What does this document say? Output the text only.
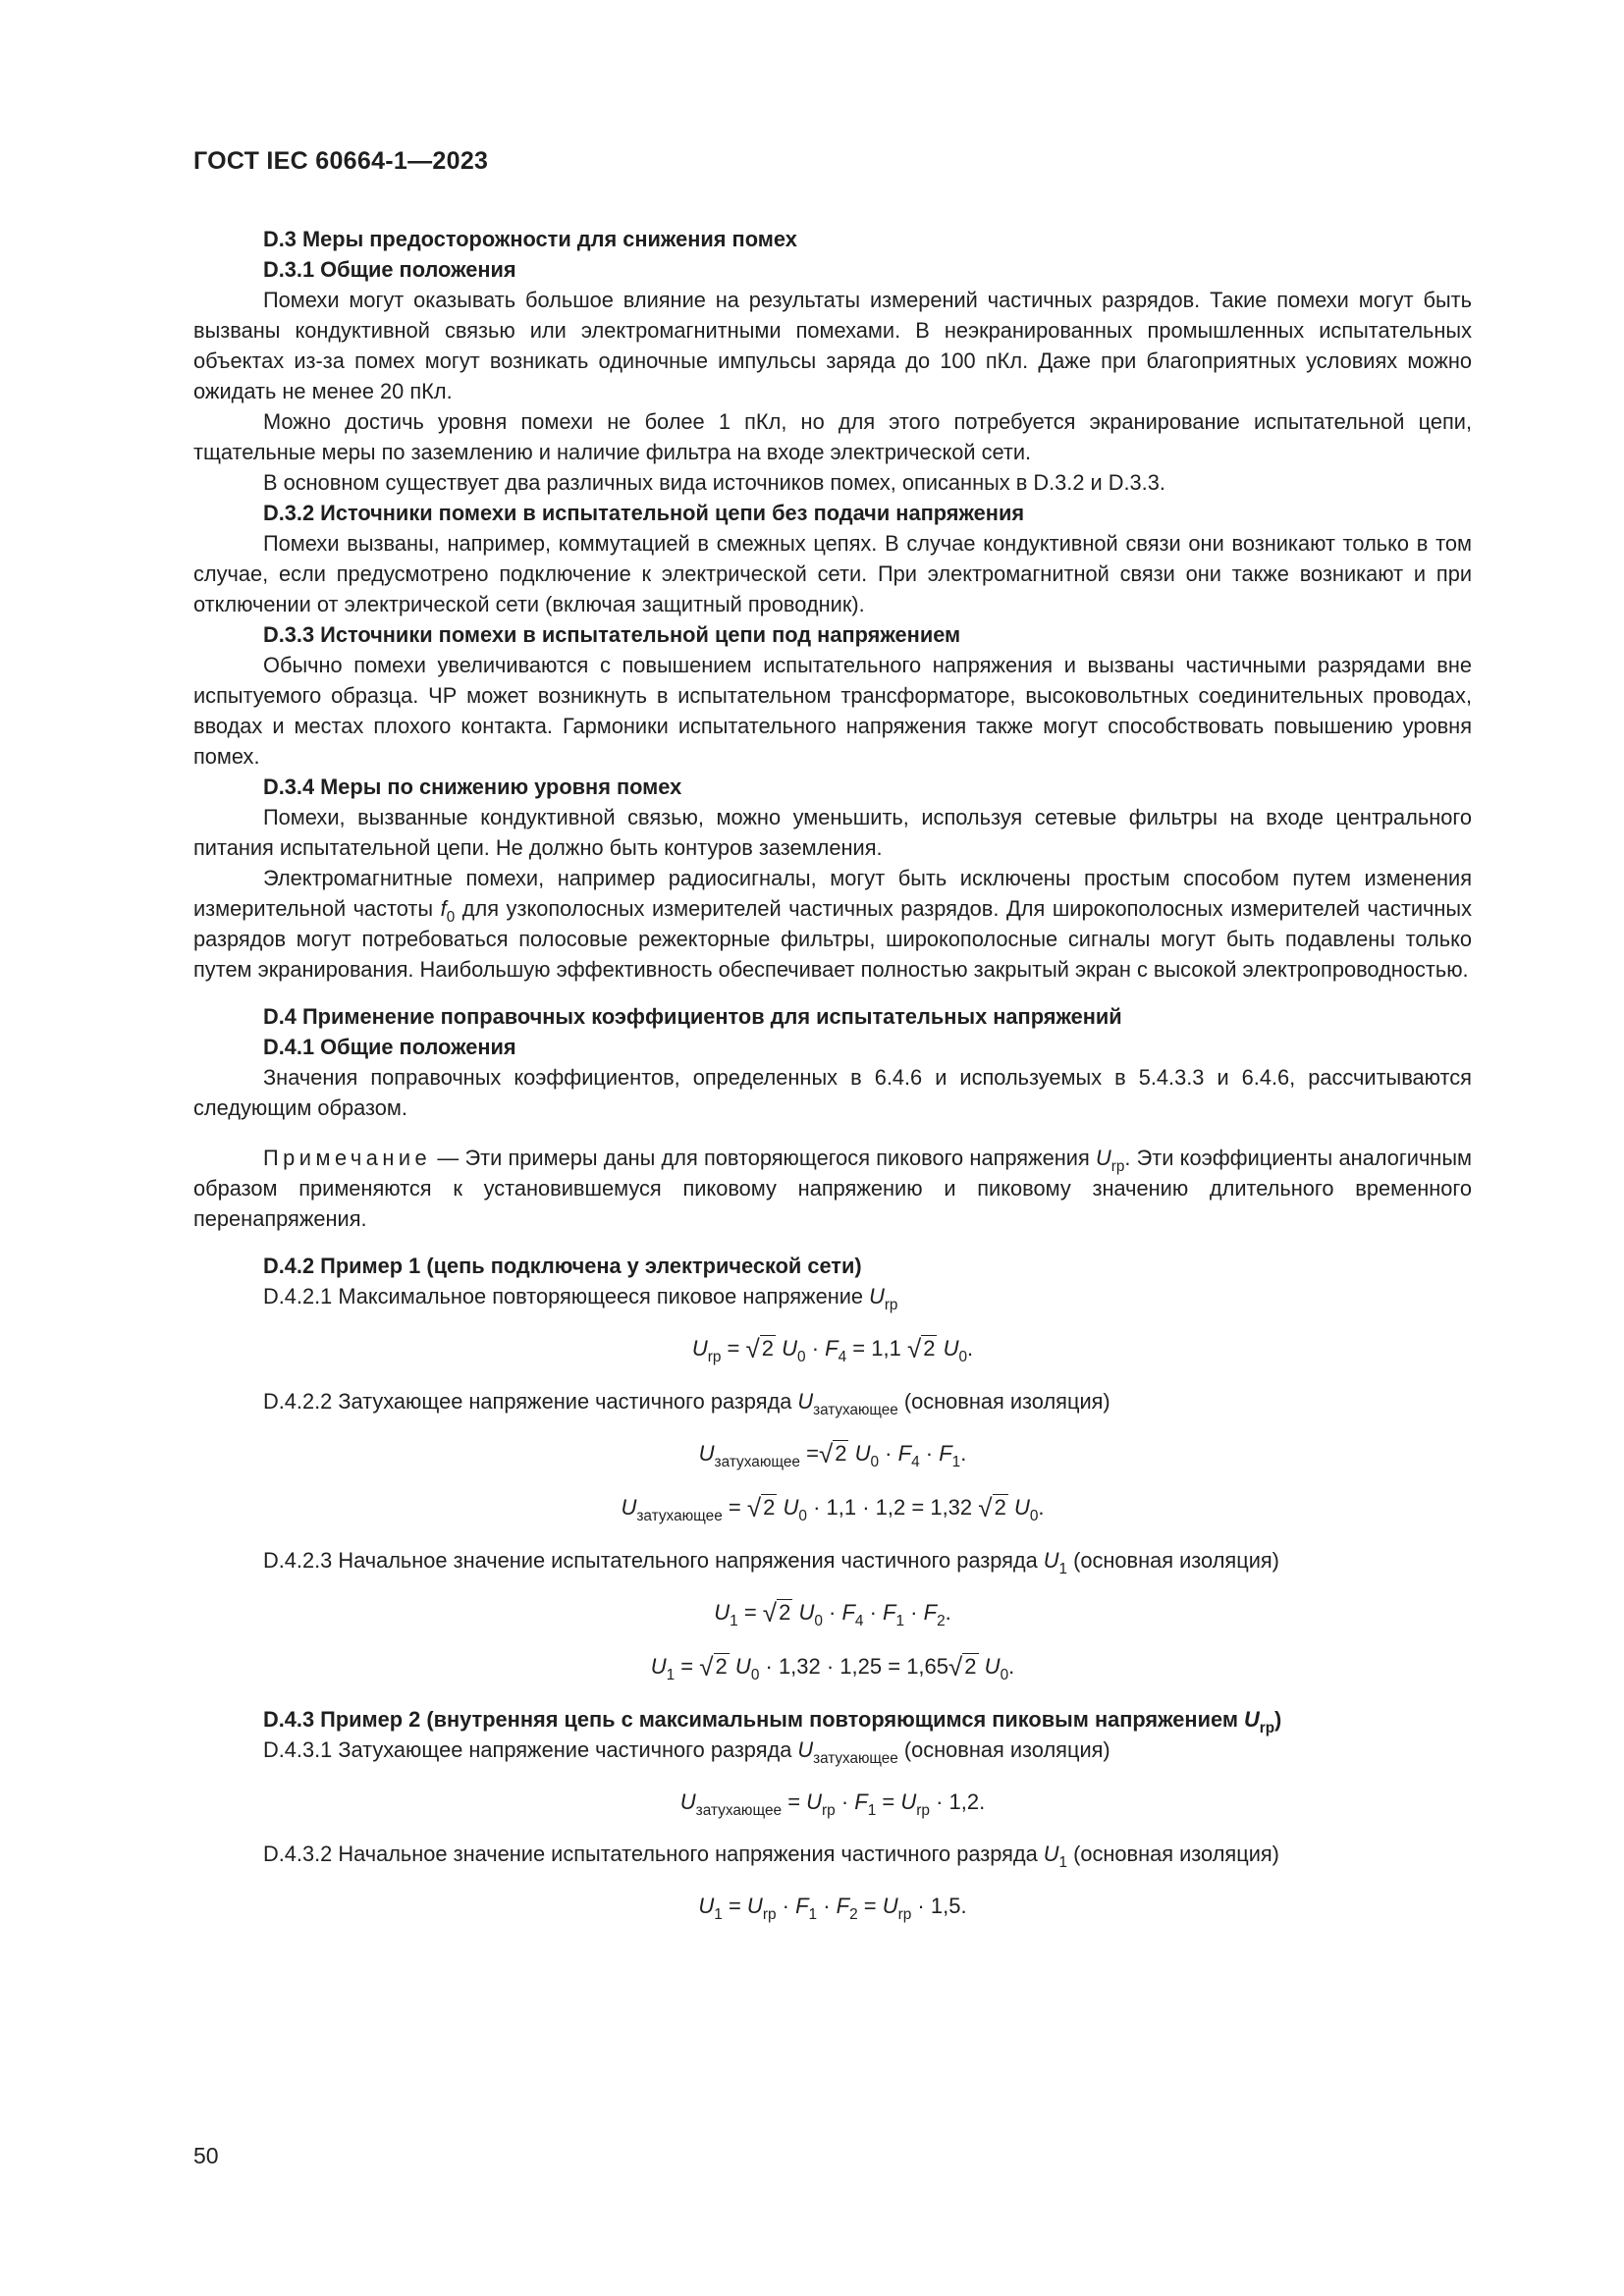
ГОСТ IEC 60664-1—2023

D.3 Меры предосторожности для снижения помех

D.3.1 Общие положения

Помехи могут оказывать большое влияние на результаты измерений частичных разрядов. Такие помехи могут быть вызваны кондуктивной связью или электромагнитными помехами. В неэкранированных промышленных испытательных объектах из-за помех могут возникать одиночные импульсы заряда до 100 пКл. Даже при благоприятных условиях можно ожидать не менее 20 пКл.

Можно достичь уровня помехи не более 1 пКл, но для этого потребуется экранирование испытательной цепи, тщательные меры по заземлению и наличие фильтра на входе электрической сети.

В основном существует два различных вида источников помех, описанных в D.3.2 и D.3.3.

D.3.2 Источники помехи в испытательной цепи без подачи напряжения

Помехи вызваны, например, коммутацией в смежных цепях. В случае кондуктивной связи они возникают только в том случае, если предусмотрено подключение к электрической сети. При электромагнитной связи они также возникают и при отключении от электрической сети (включая защитный проводник).

D.3.3 Источники помехи в испытательной цепи под напряжением

Обычно помехи увеличиваются с повышением испытательного напряжения и вызваны частичными разрядами вне испытуемого образца. ЧР может возникнуть в испытательном трансформаторе, высоковольтных соединительных проводах, вводах и местах плохого контакта. Гармоники испытательного напряжения также могут способствовать повышению уровня помех.

D.3.4 Меры по снижению уровня помех

Помехи, вызванные кондуктивной связью, можно уменьшить, используя сетевые фильтры на входе центрального питания испытательной цепи. Не должно быть контуров заземления.

Электромагнитные помехи, например радиосигналы, могут быть исключены простым способом путем изменения измерительной частоты $f_0$ для узкополосных измерителей частичных разрядов. Для широкополосных измерителей частичных разрядов могут потребоваться полосовые режекторные фильтры, широкополосные сигналы могут быть подавлены только путем экранирования. Наибольшую эффективность обеспечивает полностью закрытый экран с высокой электропроводностью.

D.4 Применение поправочных коэффициентов для испытательных напряжений

D.4.1 Общие положения

Значения поправочных коэффициентов, определенных в 6.4.6 и используемых в 5.4.3.3 и 6.4.6, рассчитываются следующим образом.

Примечание — Эти примеры даны для повторяющегося пикового напряжения $U_{rp}$. Эти коэффициенты аналогичным образом применяются к установившемуся пиковому напряжению и пиковому значению длительного временного перенапряжения.

D.4.2 Пример 1 (цепь подключена у электрической сети)

D.4.2.1 Максимальное повторяющееся пиковое напряжение $U_{rp}$

$U_{rp} = √2$ $U_0 \cdot F_4 = 1,1$ √2 $U_0$.

D.4.2.2 Затухающее напряжение частичного разряда $U_{затухающее}$ (основная изоляция)

$U_{затухающее} =√2$ $U_0 \cdot F_4 \cdot F_1$.

$U_{затухающее} = √2$ $U_0 \cdot 1,1 \cdot 1,2 = 1,32$ √2 $U_0$.

D.4.2.3 Начальное значение испытательного напряжения частичного разряда $U_1$ (основная изоляция)

$U_1 = √2$ $U_0 \cdot F_4 \cdot F_1 \cdot F_2$.

$U_1 = √2$ $U_0 \cdot 1,32 \cdot 1,25 = 1,65√2$ $U_0$.

D.4.3 Пример 2 (внутренняя цепь с максимальным повторяющимся пиковым напряжением $U_{rp}$)

D.4.3.1 Затухающее напряжение частичного разряда $U_{затухающее}$ (основная изоляция)

$U_{затухающее} = U_{rp} \cdot F_1 = U_{rp} \cdot 1,2$.

D.4.3.2 Начальное значение испытательного напряжения частичного разряда $U_1$ (основная изоляция)

$U_1 = U_{rp} \cdot F_1 \cdot F_2 = U_{rp} \cdot 1,5$.

50
